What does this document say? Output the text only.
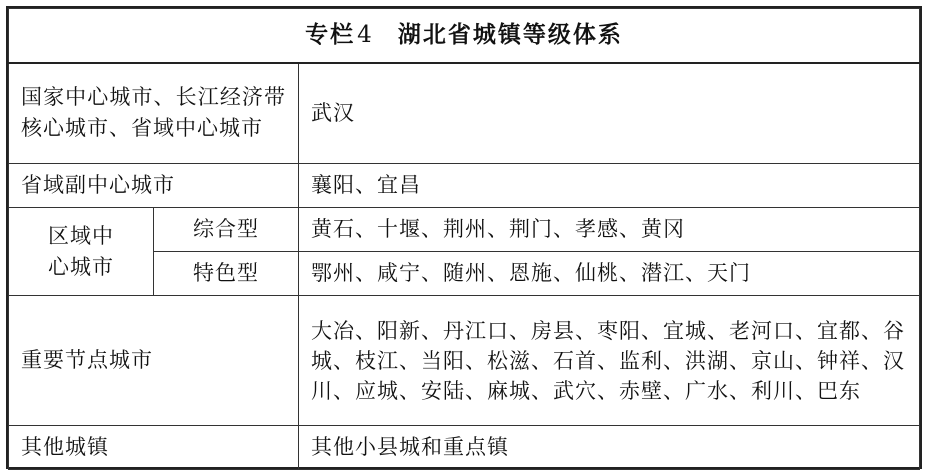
专栏4 湖北省城镇等级体系		
国家中心城市、长江经济带核心城市、省域中心城市		武汉
省域副中心城市		襄阳、宜昌

区域中
心城市	综合型	黄石、十堰、荆州、荆门、孝感、黄冈
	特色型	鄂州、咸宁、随州、恩施、仙桃、潜江、天门
重要节点城市		大冶、阳新、丹江口、房县、枣阳、宜城、老河口、宜都、谷城、枝江、当阳、松滋、石首、监利、洪湖、京山、钟祥、汉川、应城、安陆、麻城、武穴、赤壁、广水、利川、巴东
其他城镇		其他小县城和重点镇
